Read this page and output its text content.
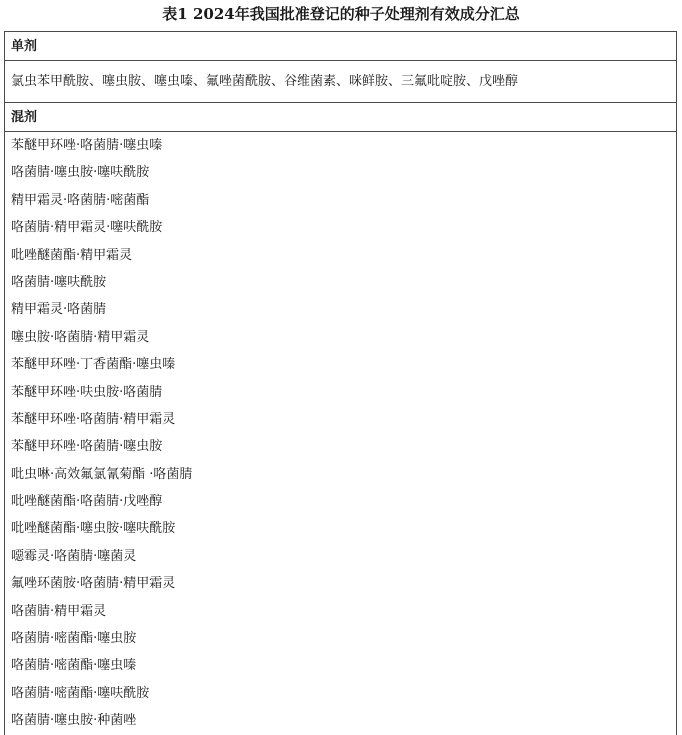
表1 2024年我国批准登记的种子处理剂有效成分汇总
单剂
氯虫苯甲酰胺、噻虫胺、噻虫嗪、氟唑菌酰胺、谷维菌素、咪鲜胺、三氟吡啶胺、戊唑醇
混剂
苯醚甲环唑·咯菌腈·噻虫嗪
咯菌腈·噻虫胺·噻呋酰胺
精甲霜灵·咯菌腈·嘧菌酯
咯菌腈·精甲霜灵·噻呋酰胺
吡唑醚菌酯·精甲霜灵
咯菌腈·噻呋酰胺
精甲霜灵·咯菌腈
噻虫胺·咯菌腈·精甲霜灵
苯醚甲环唑·丁香菌酯·噻虫嗪
苯醚甲环唑·呋虫胺·咯菌腈
苯醚甲环唑·咯菌腈·精甲霜灵
苯醚甲环唑·咯菌腈·噻虫胺
吡虫啉·高效氟氯氰菊酯 ·咯菌腈
吡唑醚菌酯·咯菌腈·戊唑醇
吡唑醚菌酯·噻虫胺·噻呋酰胺
噁霉灵·咯菌腈·噻菌灵
氟唑环菌胺·咯菌腈·精甲霜灵
咯菌腈·精甲霜灵
咯菌腈·嘧菌酯·噻虫胺
咯菌腈·嘧菌酯·噻虫嗪
咯菌腈·嘧菌酯·噻呋酰胺
咯菌腈·噻虫胺·种菌唑
